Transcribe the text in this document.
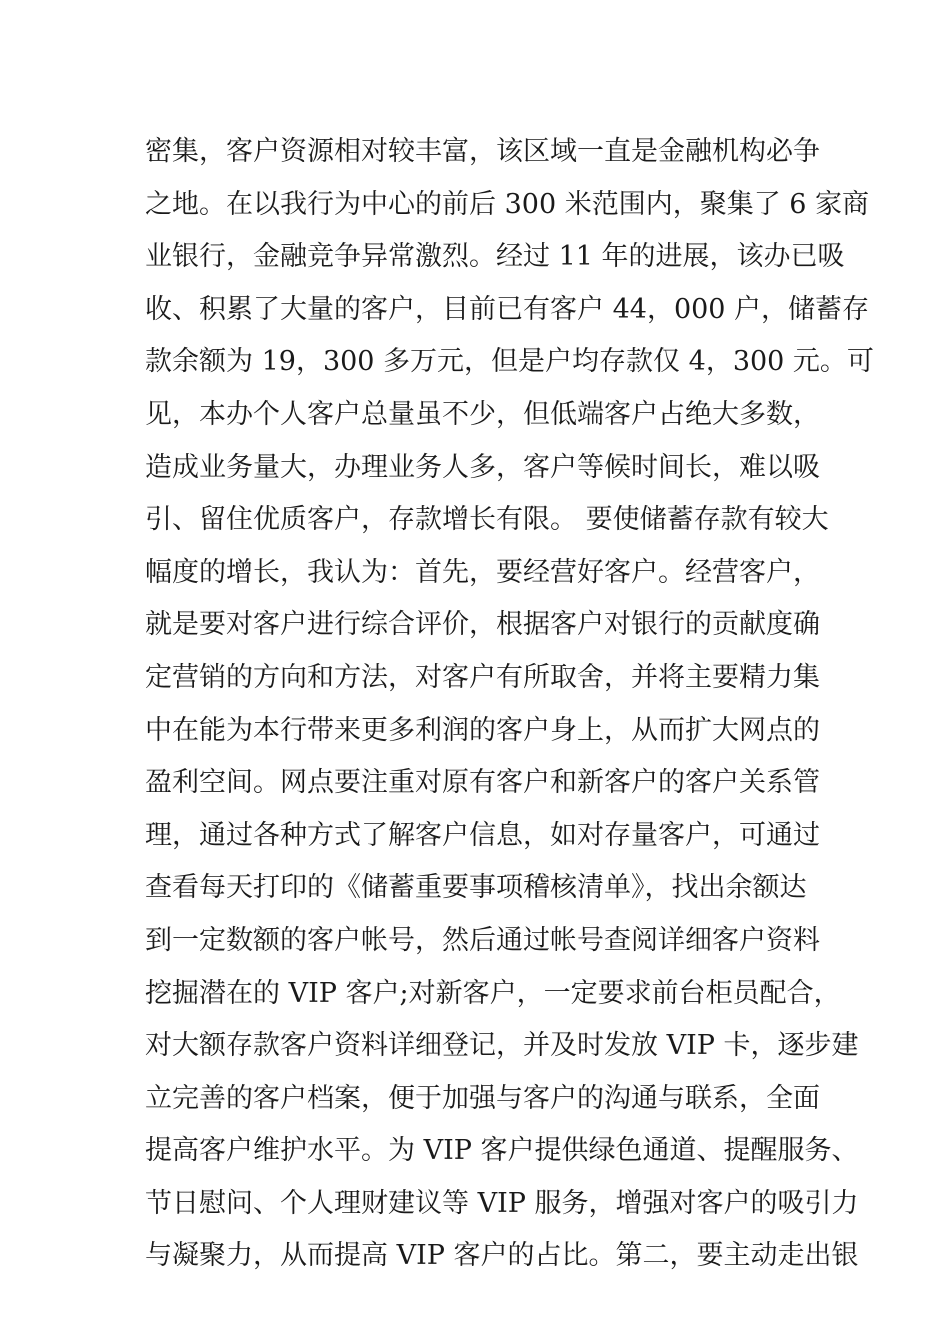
密集，客户资源相对较丰富，该区域一直是金融机构必争
之地。在以我行为中心的前后 300 米范围内，聚集了 6 家商
业银行，金融竞争异常激烈。经过 11 年的进展，该办已吸
收、积累了大量的客户，目前已有客户 44，000 户，储蓄存
款余额为 19，300 多万元，但是户均存款仅 4，300 元。可
见，本办个人客户总量虽不少，但低端客户占绝大多数，
造成业务量大，办理业务人多，客户等候时间长，难以吸
引、留住优质客户，存款增长有限。 要使储蓄存款有较大
幅度的增长，我认为：首先，要经营好客户。经营客户，
就是要对客户进行综合评价，根据客户对银行的贡献度确
定营销的方向和方法，对客户有所取舍，并将主要精力集
中在能为本行带来更多利润的客户身上，从而扩大网点的
盈利空间。网点要注重对原有客户和新客户的客户关系管
理，通过各种方式了解客户信息，如对存量客户，可通过
查看每天打印的《储蓄重要事项稽核清单》，找出余额达
到一定数额的客户帐号，然后通过帐号查阅详细客户资料
挖掘潜在的 VIP 客户;对新客户，一定要求前台柜员配合，
对大额存款客户资料详细登记，并及时发放 VIP 卡，逐步建
立完善的客户档案，便于加强与客户的沟通与联系，全面
提高客户维护水平。为 VIP 客户提供绿色通道、提醒服务、
节日慰问、个人理财建议等 VIP 服务，增强对客户的吸引力
与凝聚力，从而提高 VIP 客户的占比。第二，要主动走出银
